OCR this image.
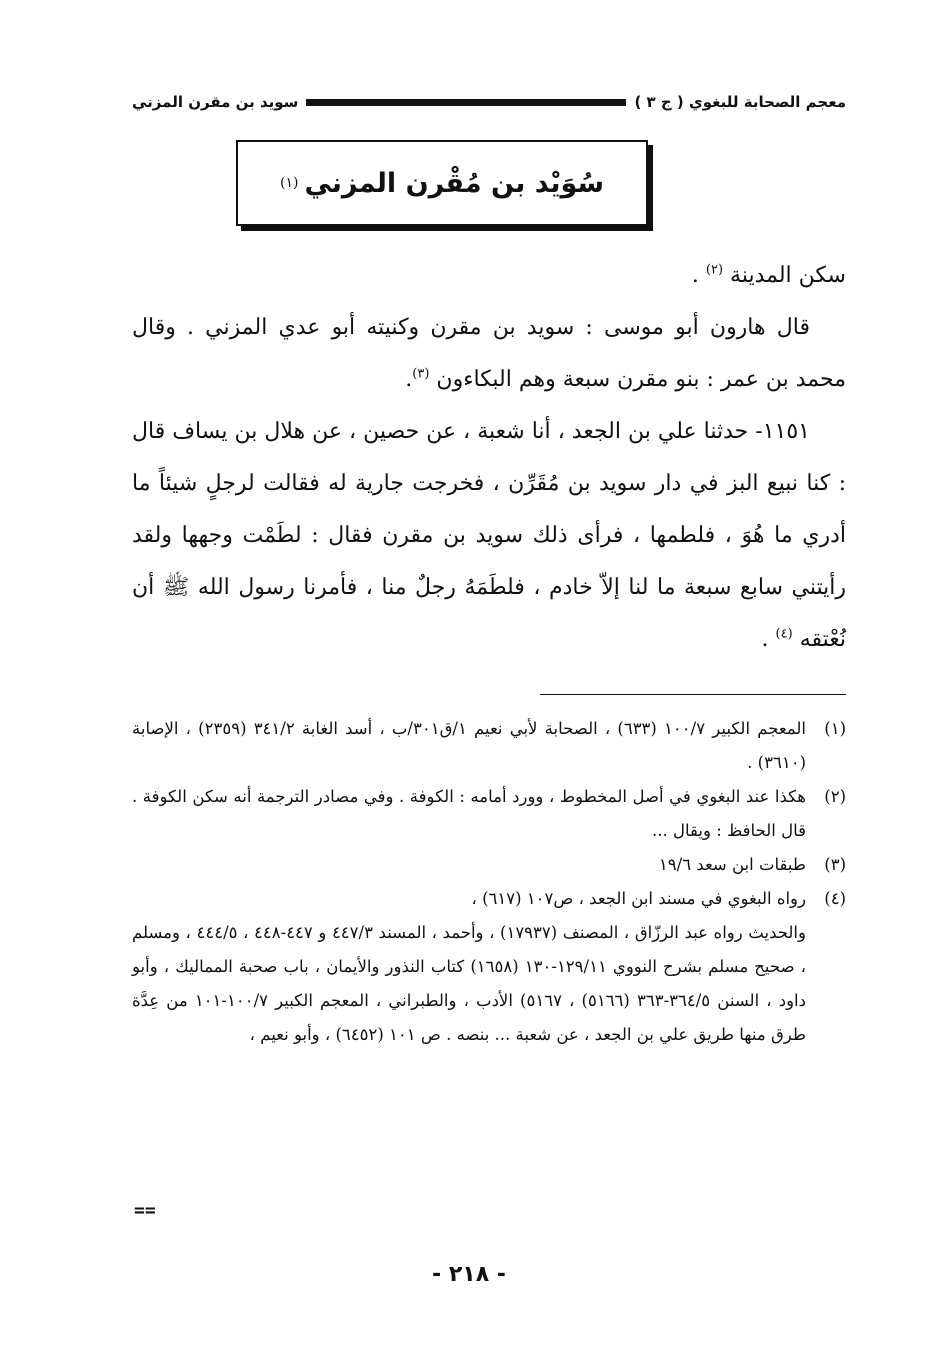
معجم الصحابة للبغوي ( ج ٣ )
سويد بن مقرن المزني
سُوَيْد بن مُقْرن المزني
(١)

سكن المدينة $^{(٢)}$ .

قال هارون أبو موسى : سويد بن مقرن وكنيته أبو عدي المزني . وقال محمد بن عمر : بنو مقرن سبعة وهم البكاءون $^{(٣)}$.

١١٥١- حدثنا علي بن الجعد ، أنا شعبة ، عن حصين ، عن هلال بن يساف قال : كنا نبيع البز في دار سويد بن مُقَرِّن ، فخرجت جارية له فقالت لرجلٍ شيئاً ما أدري ما هُوَ ، فلطمها ، فرأى ذلك سويد بن مقرن فقال : لطَمْت وجهها ولقد رأيتني سابع سبعة ما لنا إلاّ خادم ، فلطَمَهُ رجلٌ منا ، فأمرنا رسول الله ﷺ أن نُعْتقه $^{(٤)}$ .

(١)
المعجم الكبير ١٠٠/٧ (٦٣٣) ، الصحابة لأبي نعيم ١/ق٣٠١/ب ، أسد الغابة ٣٤١/٢ (٢٣٥٩) ، الإصابة (٣٦١٠) .
(٢)
هكذا عند البغوي في أصل المخطوط ، وورد أمامه : الكوفة . وفي مصادر الترجمة أنه سكن الكوفة . قال الحافظ : ويقال ...
(٣)
طبقات ابن سعد ١٩/٦
(٤)
رواه البغوي في مسند ابن الجعد ، ص١٠٧ (٦١٧) ،
والحديث رواه عبد الرزّاق ، المصنف (١٧٩٣٧) ، وأحمد ، المسند ٤٤٧/٣ و ٤٤٧-٤٤٨ ، ٤٤٤/٥ ، ومسلم ، صحيح مسلم بشرح النووي ١٢٩/١١-١٣٠ (١٦٥٨) كتاب النذور والأيمان ، باب صحبة المماليك ، وأبو داود ، السنن ٣٦٤/٥-٣٦٣ (٥١٦٦) ، ٥١٦٧) الأدب ، والطبراني ، المعجم الكبير ١٠٠/٧-١٠١ من عِدَّة طرق منها طريق علي بن الجعد ، عن شعبة ... بنصه . ص ١٠١ (٦٤٥٢) ، وأبو نعيم ،
==
- ٢١٨ -
